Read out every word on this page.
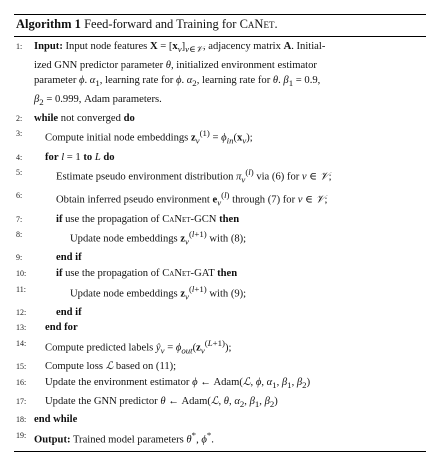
Algorithm 1 Feed-forward and Training for CaNet.
1:	Input: Input node features $X = [x_v]_{v\in 𝒱}$, adjacency matrix A. Initial-
ized GNN predictor parameter θ, initialized environment estimator
parameter ϕ. $\alpha_1$, learning rate for ϕ. $\alpha_2$, learning rate for θ. $\beta_1 = 0.9$,
$\beta_2 = 0.999$, Adam parameters.
2:	while not converged do
3:	Compute initial node embeddings $z_v^{(1)} = \phi_{in}(x_v)$;
4:	for l = 1 to L do
5:	Estimate pseudo environment distribution $\pi_v^{(l)}$ via (6) for v ∈ 𝒱;
6:	Obtain inferred pseudo environment $e_v^{(l)}$ through (7) for v ∈ 𝒱;
7:	if use the propagation of CaNet-GCN then
8:	Update node embeddings $z_v^{(l+1)}$ with (8);
9:	end if
10:	if use the propagation of CaNet-GAT then
11:	Update node embeddings $z_v^{(l+1)}$ with (9);
12:	end if
13:	end for
14:	Compute predicted labels $ŷ_v = \phi_{out}(z_v^{(L+1)})$;
15:	Compute loss ℒ based on (11);
16:	Update the environment estimator ϕ ← Adam(ℒ, ϕ, $\alpha_1$, $\beta_1$, $\beta_2$)
17:	Update the GNN predictor θ ← Adam(ℒ, θ, $\alpha_2$, $\beta_1$, $\beta_2$)
18: end while
19: Output: Trained model parameters θ*, ϕ*.
